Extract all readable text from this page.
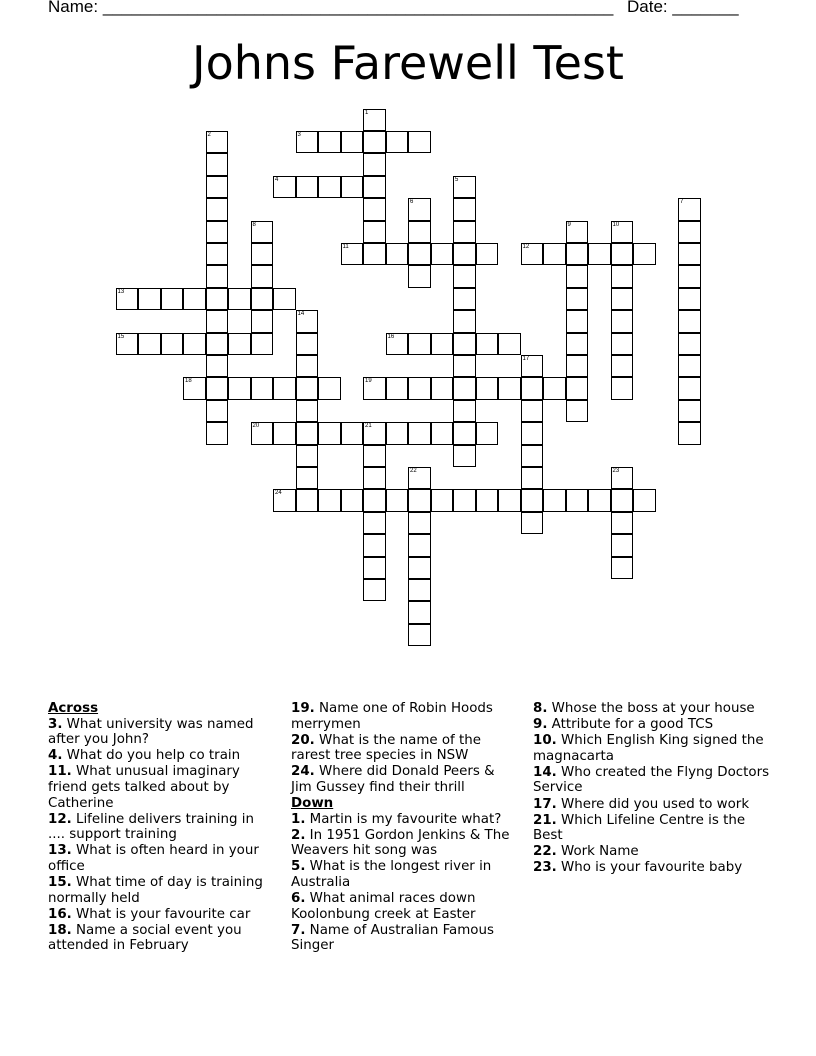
Name: ______________________________________________________ Date: _______
Johns Farewell Test
1
2	3
4	5
6	7
8	9	10
11	12
13
14
15	16
17
18	19
20	21
22	23
24
Across
3. What university was named after you John?
4. What do you help co train
11. What unusual imaginary friend gets talked about by Catherine
12. Lifeline delivers training in .... support training
13. What is often heard in your office
15. What time of day is training normally held
16. What is your favourite car
18. Name a social event you attended in February
19. Name one of Robin Hoods merrymen
20. What is the name of the rarest tree species in NSW
24. Where did Donald Peers & Jim Gussey find their thrill
Down
1. Martin is my favourite what?
2. In 1951 Gordon Jenkins & The Weavers hit song was
5. What is the longest river in Australia
6. What animal races down Koolonbung creek at Easter
7. Name of Australian Famous Singer
8. Whose the boss at your house
9. Attribute for a good TCS
10. Which English King signed the magnacarta
14. Who created the Flyng Doctors Service
17. Where did you used to work
21. Which Lifeline Centre is the Best
22. Work Name
23. Who is your favourite baby
